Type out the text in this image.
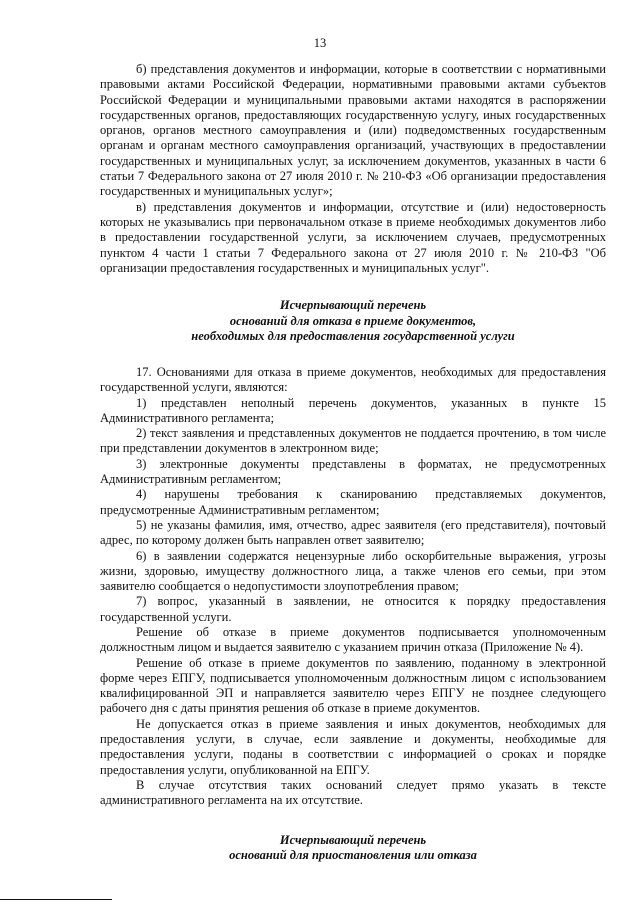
13

б) представления документов и информации, которые в соответствии с нормативными правовыми актами Российской Федерации, нормативными правовыми актами субъектов Российской Федерации и муниципальными правовыми актами находятся в распоряжении государственных органов, предоставляющих государственную услугу, иных государственных органов, органов местного самоуправления и (или) подведомственных государственным органам и органам местного самоуправления организаций, участвующих в предоставлении государственных и муниципальных услуг, за исключением документов, указанных в части 6 статьи 7 Федерального закона от 27 июля 2010 г. № 210-ФЗ «Об организации предоставления государственных и муниципальных услуг»;

в) представления документов и информации, отсутствие и (или) недостоверность которых не указывались при первоначальном отказе в приеме необходимых документов либо в предоставлении государственной услуги, за исключением случаев, предусмотренных пунктом 4 части 1 статьи 7 Федерального закона от 27 июля 2010 г. № 210-ФЗ "Об организации предоставления государственных и муниципальных услуг".

Исчерпывающий перечень
оснований для отказа в приеме документов,
необходимых для предоставления государственной услуги

17. Основаниями для отказа в приеме документов, необходимых для предоставления государственной услуги, являются:

1) представлен неполный перечень документов, указанных в пункте 15 Административного регламента;

2) текст заявления и представленных документов не поддается прочтению, в том числе при представлении документов в электронном виде;

3) электронные документы представлены в форматах, не предусмотренных Административным регламентом;

4) нарушены требования к сканированию представляемых документов, предусмотренные Административным регламентом;

5) не указаны фамилия, имя, отчество, адрес заявителя (его представителя), почтовый адрес, по которому должен быть направлен ответ заявителю;

6) в заявлении содержатся нецензурные либо оскорбительные выражения, угрозы жизни, здоровью, имуществу должностного лица, а также членов его семьи, при этом заявителю сообщается о недопустимости злоупотребления правом;

7) вопрос, указанный в заявлении, не относится к порядку предоставления государственной услуги.

Решение об отказе в приеме документов подписывается уполномоченным должностным лицом и выдается заявителю с указанием причин отказа (Приложение № 4).

Решение об отказе в приеме документов по заявлению, поданному в электронной форме через ЕПГУ, подписывается уполномоченным должностным лицом с использованием квалифицированной ЭП и направляется заявителю через ЕПГУ не позднее следующего рабочего дня с даты принятия решения об отказе в приеме документов.

Не допускается отказ в приеме заявления и иных документов, необходимых для предоставления услуги, в случае, если заявление и документы, необходимые для предоставления услуги, поданы в соответствии с информацией о сроках и порядке предоставления услуги, опубликованной на ЕПГУ.

В случае отсутствия таких оснований следует прямо указать в тексте административного регламента на их отсутствие.

Исчерпывающий перечень
оснований для приостановления или отказа
